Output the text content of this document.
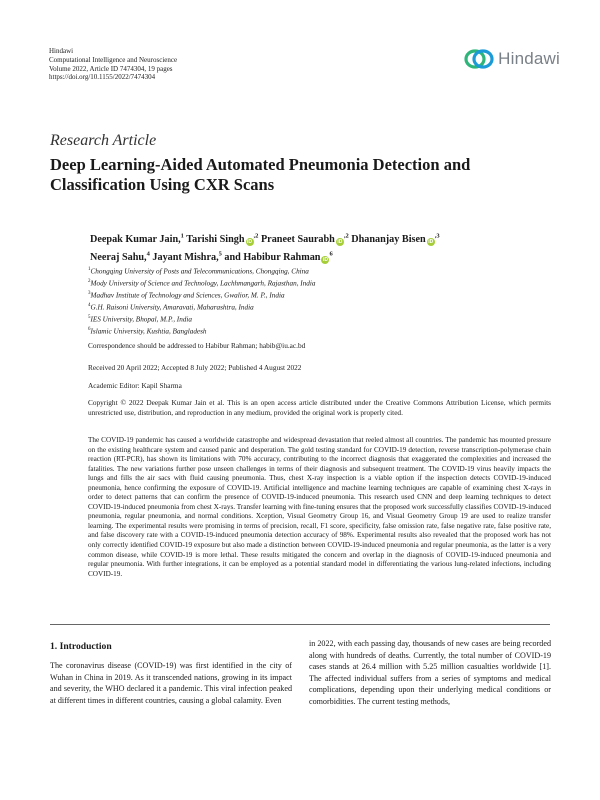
Hindawi
Computational Intelligence and Neuroscience
Volume 2022, Article ID 7474304, 19 pages
https://doi.org/10.1155/2022/7474304
Hindawi
Research Article
Deep Learning-Aided Automated Pneumonia Detection and Classification Using CXR Scans
Deepak Kumar Jain,$^1$ Tarishi Singh $iD^{,2}$ Praneet Saurabh $iD^{,2}$ Dhananjay Bisen $iD^{,3}$
Neeraj Sahu,$^4$ Jayant Mishra,$^5$ and Habibur Rahman $iD^6$
$^1$Chongqing University of Posts and Telecommunications, Chongqing, China
$^2$Mody University of Science and Technology, Lachhmangarh, Rajasthan, India
$^3$Madhav Institute of Technology and Sciences, Gwalior, M. P., India
$^4$G.H. Raisoni University, Amaravati, Maharashtra, India
$^5$IES University, Bhopal, M.P., India
$^6$Islamic University, Kushtia, Bangladesh
Correspondence should be addressed to Habibur Rahman; habib@iu.ac.bd
Received 20 April 2022; Accepted 8 July 2022; Published 4 August 2022
Academic Editor: Kapil Sharma
Copyright © 2022 Deepak Kumar Jain et al. This is an open access article distributed under the Creative Commons Attribution License, which permits unrestricted use, distribution, and reproduction in any medium, provided the original work is properly cited.
The COVID-19 pandemic has caused a worldwide catastrophe and widespread devastation that reeled almost all countries. The pandemic has mounted pressure on the existing healthcare system and caused panic and desperation. The gold testing standard for COVID-19 detection, reverse transcription-polymerase chain reaction (RT-PCR), has shown its limitations with 70% accuracy, contributing to the incorrect diagnosis that exaggerated the complexities and increased the fatalities. The new variations further pose unseen challenges in terms of their diagnosis and subsequent treatment. The COVID-19 virus heavily impacts the lungs and fills the air sacs with fluid causing pneumonia. Thus, chest X-ray inspection is a viable option if the inspection detects COVID-19-induced pneumonia, hence confirming the exposure of COVID-19. Artificial intelligence and machine learning techniques are capable of examining chest X-rays in order to detect patterns that can confirm the presence of COVID-19-induced pneumonia. This research used CNN and deep learning techniques to detect COVID-19-induced pneumonia from chest X-rays. Transfer learning with fine-tuning ensures that the proposed work successfully classifies COVID-19-induced pneumonia, regular pneumonia, and normal conditions. Xception, Visual Geometry Group 16, and Visual Geometry Group 19 are used to realize transfer learning. The experimental results were promising in terms of precision, recall, F1 score, specificity, false omission rate, false negative rate, false positive rate, and false discovery rate with a COVID-19-induced pneumonia detection accuracy of 98%. Experimental results also revealed that the proposed work has not only correctly identified COVID-19 exposure but also made a distinction between COVID-19-induced pneumonia and regular pneumonia, as the latter is a very common disease, while COVID-19 is more lethal. These results mitigated the concern and overlap in the diagnosis of COVID-19-induced pneumonia and regular pneumonia. With further integrations, it can be employed as a potential standard model in differentiating the various lung-related infections, including COVID-19.
1. Introduction
The coronavirus disease (COVID-19) was first identified in the city of Wuhan in China in 2019. As it transcended nations, growing in its impact and severity, the WHO declared it a pandemic. This viral infection peaked at different times in different countries, causing a global calamity. Even
in 2022, with each passing day, thousands of new cases are being recorded along with hundreds of deaths. Currently, the total number of COVID-19 cases stands at 26.4 million with 5.25 million casualties worldwide [1]. The affected individual suffers from a series of symptoms and medical complications, depending upon their underlying medical conditions or comorbidities. The current testing methods,
